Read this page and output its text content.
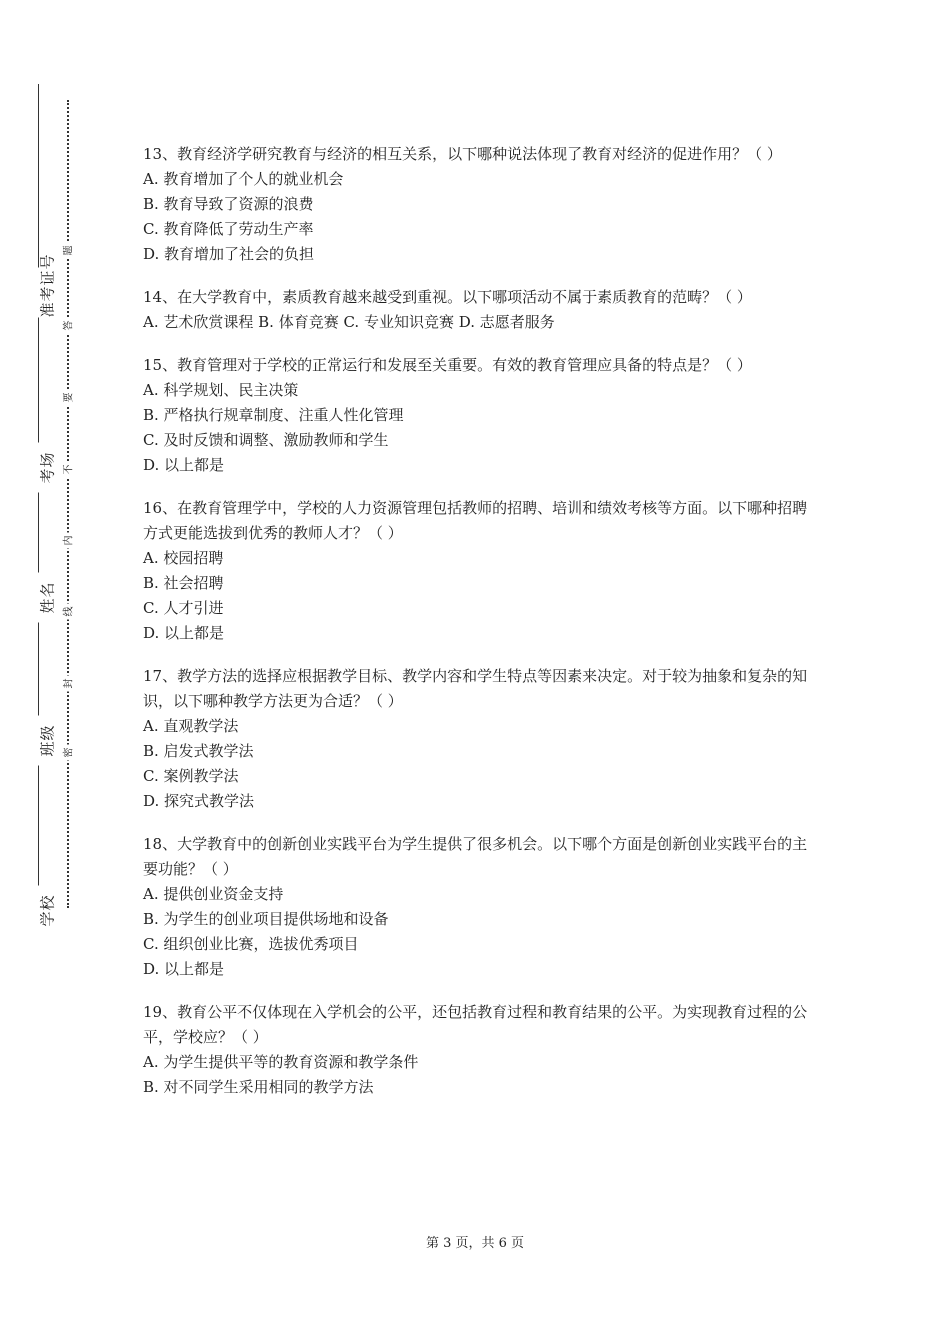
准考证号
考场
姓名
班级
学校
题
答
要
不
内
线
封
密

13、教育经济学研究教育与经济的相互关系，以下哪种说法体现了教育对经济的促进作用？（ ）

A. 教育增加了个人的就业机会

B. 教育导致了资源的浪费

C. 教育降低了劳动生产率

D. 教育增加了社会的负担

14、在大学教育中，素质教育越来越受到重视。以下哪项活动不属于素质教育的范畴？（ ）

A. 艺术欣赏课程 B. 体育竞赛 C. 专业知识竞赛 D. 志愿者服务

15、教育管理对于学校的正常运行和发展至关重要。有效的教育管理应具备的特点是？（ ）

A. 科学规划、民主决策

B. 严格执行规章制度、注重人性化管理

C. 及时反馈和调整、激励教师和学生

D. 以上都是

16、在教育管理学中，学校的人力资源管理包括教师的招聘、培训和绩效考核等方面。以下哪种招聘方式更能选拔到优秀的教师人才？（ ）

A. 校园招聘

B. 社会招聘

C. 人才引进

D. 以上都是

17、教学方法的选择应根据教学目标、教学内容和学生特点等因素来决定。对于较为抽象和复杂的知识，以下哪种教学方法更为合适？（ ）

A. 直观教学法

B. 启发式教学法

C. 案例教学法

D. 探究式教学法

18、大学教育中的创新创业实践平台为学生提供了很多机会。以下哪个方面是创新创业实践平台的主要功能？（ ）

A. 提供创业资金支持

B. 为学生的创业项目提供场地和设备

C. 组织创业比赛，选拔优秀项目

D. 以上都是

19、教育公平不仅体现在入学机会的公平，还包括教育过程和教育结果的公平。为实现教育过程的公平，学校应？（ ）

A. 为学生提供平等的教育资源和教学条件

B. 对不同学生采用相同的教学方法

第 3 页，共 6 页
